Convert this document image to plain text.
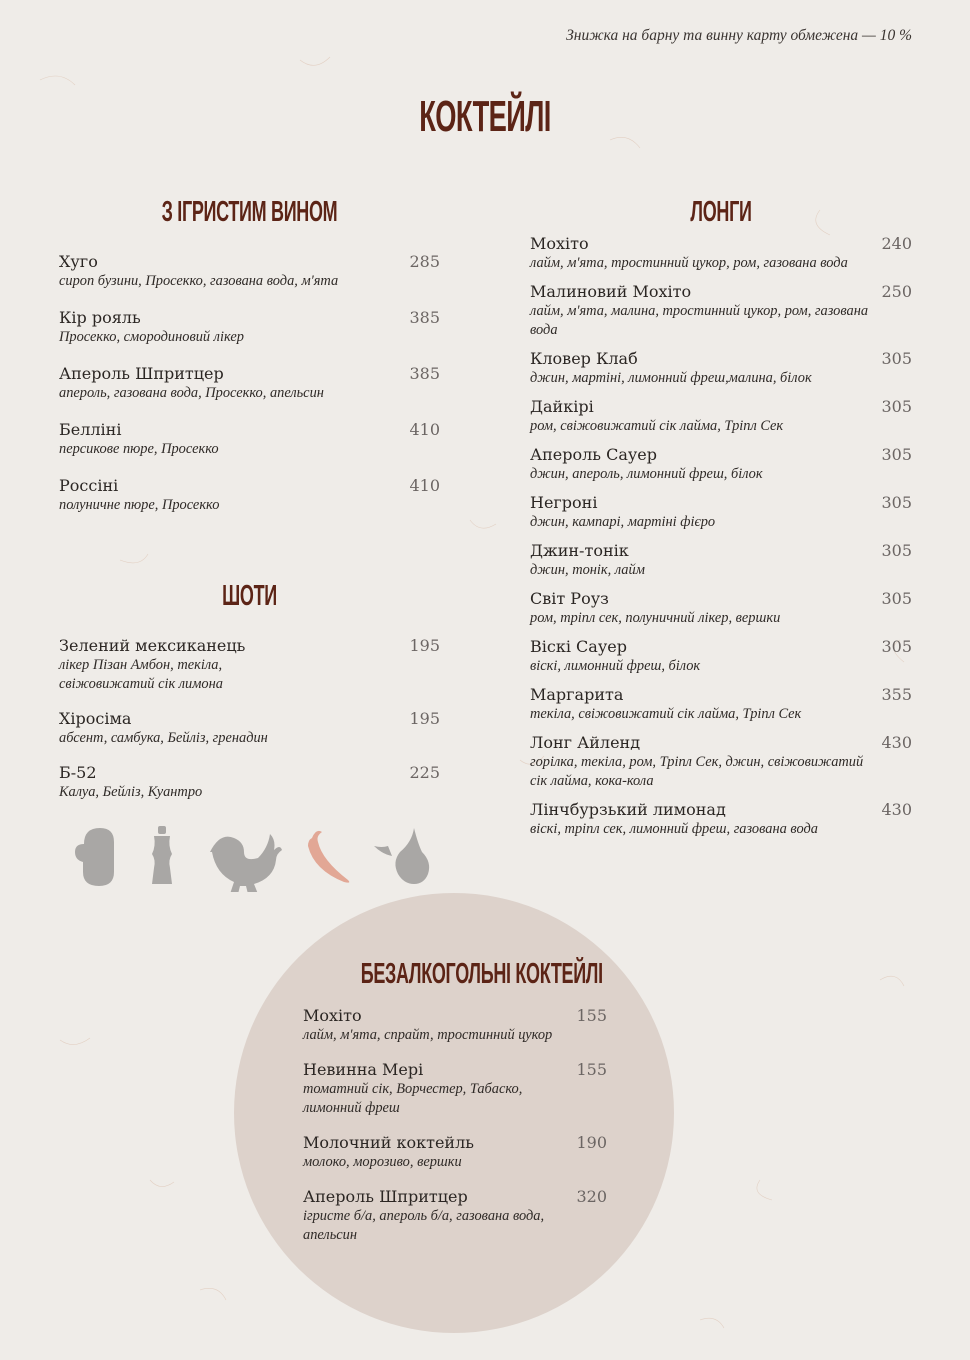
Знижка на барну та винну карту обмежена — 10 %
КОКТЕЙЛІ
З ІГРИСТИМ ВИНОМ
Хуго
сироп бузини, Просекко, газована вода, м'ята
285
Кір рояль
Просекко, смородиновий лікер
385
Апероль Шпритцер
апероль, газована вода, Просекко, апельсин
385
Белліні
персикове пюре, Просекко
410
Россіні
полуничне пюре, Просекко
410
ШОТИ
Зелений мексиканець
лікер Пізан Амбон, текіла, свіжовижатий сік лимона
195
Хіросіма
абсент, самбука, Бейліз, гренадин
195
Б-52
Калуа, Бейліз, Куантро
225
ЛОНГИ
Мохіто
лайм, м'ята, тростинний цукор, ром, газована вода
240
Малиновий Мохіто
лайм, м'ята, малина, тростинний цукор, ром, газована вода
250
Кловер Клаб
джин, мартіні, лимонний фреш,малина, білок
305
Дайкірі
ром, свіжовижатий сік лайма, Тріпл Сек
305
Апероль Сауер
джин, апероль, лимонний фреш, білок
305
Негроні
джин, кампарі, мартіні фієро
305
Джин-тонік
джин, тонік, лайм
305
Світ Роуз
ром, тріпл сек, полуничний лікер, вершки
305
Віскі Сауер
віскі, лимонний фреш, білок
305
Маргарита
текіла, свіжовижатий сік лайма, Тріпл Сек
355
Лонг Айленд
горілка, текіла, ром, Тріпл Сек, джин, свіжовижатий сік лайма, кока-кола
430
Лінчбурзький лимонад
віскі, тріпл сек, лимонний фреш, газована вода
430
БЕЗАЛКОГОЛЬНІ КОКТЕЙЛІ
Мохіто
лайм, м'ята, спрайт, тростинний цукор
155
Невинна Мері
томатний сік, Ворчестер, Табаско, лимонний фреш
155
Молочний коктейль
молоко, морозиво, вершки
190
Апероль Шпритцер
ігристе б/а, апероль б/а, газована вода, апельсин
320
